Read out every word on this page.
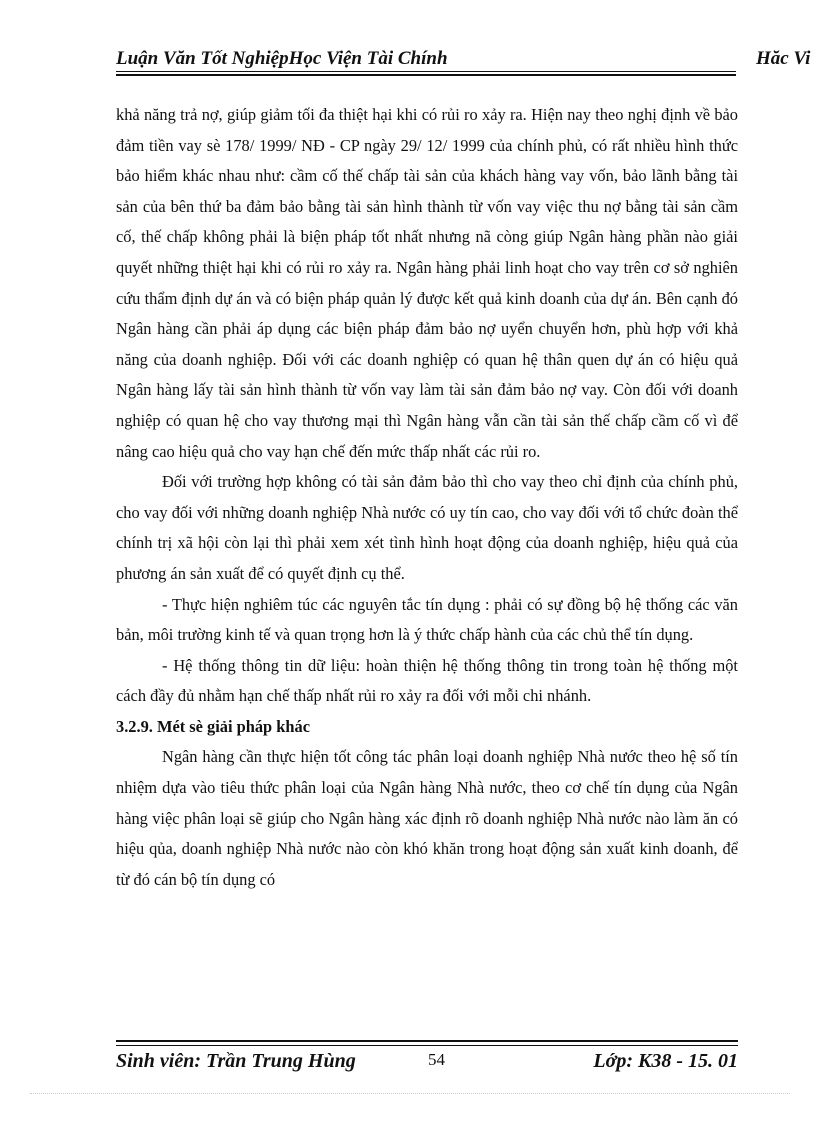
Luận Văn Tốt NghiệpHọc Viện Tài Chính	Hăc Vi

khả năng trả nợ, giúp giảm tối đa thiệt hại khi có rủi ro xảy ra. Hiện nay theo nghị định về bảo đảm tiền vay sè 178/ 1999/ NĐ - CP ngày 29/ 12/ 1999 của chính phủ, có rất nhiều hình thức bảo hiểm khác nhau như: cầm cố thế chấp tài sản của khách hàng vay vốn, bảo lãnh bằng tài sản của bên thứ ba đảm bảo bằng tài sản hình thành từ vốn vay việc thu nợ bằng tài sản cầm cố, thế chấp không phải là biện pháp tốt nhất nhưng nã còng giúp Ngân hàng phần nào giải quyết những thiệt hại khi có rủi ro xảy ra. Ngân hàng phải linh hoạt cho vay trên cơ sở nghiên cứu thẩm định dự án và có biện pháp quản lý được kết quả kinh doanh của dự án. Bên cạnh đó Ngân hàng cần phải áp dụng các biện pháp đảm bảo nợ uyển chuyển hơn, phù hợp với khả năng của doanh nghiệp. Đối với các doanh nghiệp có quan hệ thân quen dự án có hiệu quả Ngân hàng lấy tài sản hình thành từ vốn vay làm tài sản đảm bảo nợ vay. Còn đối với doanh nghiệp có quan hệ cho vay thương mại thì Ngân hàng vẫn cần tài sản thế chấp cầm cố vì để nâng cao hiệu quả cho vay hạn chế đến mức thấp nhất các rủi ro.

Đối với trường hợp không có tài sản đảm bảo thì cho vay theo chỉ định của chính phủ, cho vay đối với những doanh nghiệp Nhà nước có uy tín cao, cho vay đối với tổ chức đoàn thể chính trị xã hội còn lại thì phải xem xét tình hình hoạt động của doanh nghiệp, hiệu quả của phương án sản xuất để có quyết định cụ thể.

- Thực hiện nghiêm túc các nguyên tắc tín dụng : phải có sự đồng bộ hệ thống các văn bản, môi trường kinh tế và quan trọng hơn là ý thức chấp hành của các chủ thể tín dụng.

- Hệ thống thông tin dữ liệu: hoàn thiện hệ thống thông tin trong toàn hệ thống một cách đầy đủ nhằm hạn chế thấp nhất rủi ro xảy ra đối với mỗi chi nhánh.

3.2.9. Mét sè giải pháp khác

Ngân hàng cần thực hiện tốt công tác phân loại doanh nghiệp Nhà nước theo hệ số tín nhiệm dựa vào tiêu thức phân loại của Ngân hàng Nhà nước, theo cơ chế tín dụng của Ngân hàng việc phân loại sẽ giúp cho Ngân hàng xác định rõ doanh nghiệp Nhà nước nào làm ăn có hiệu qủa, doanh nghiệp Nhà nước nào còn khó khăn trong hoạt động sản xuất kinh doanh, để từ đó cán bộ tín dụng có

Sinh viên: Trần Trung Hùng	54	Lớp: K38 - 15. 01
